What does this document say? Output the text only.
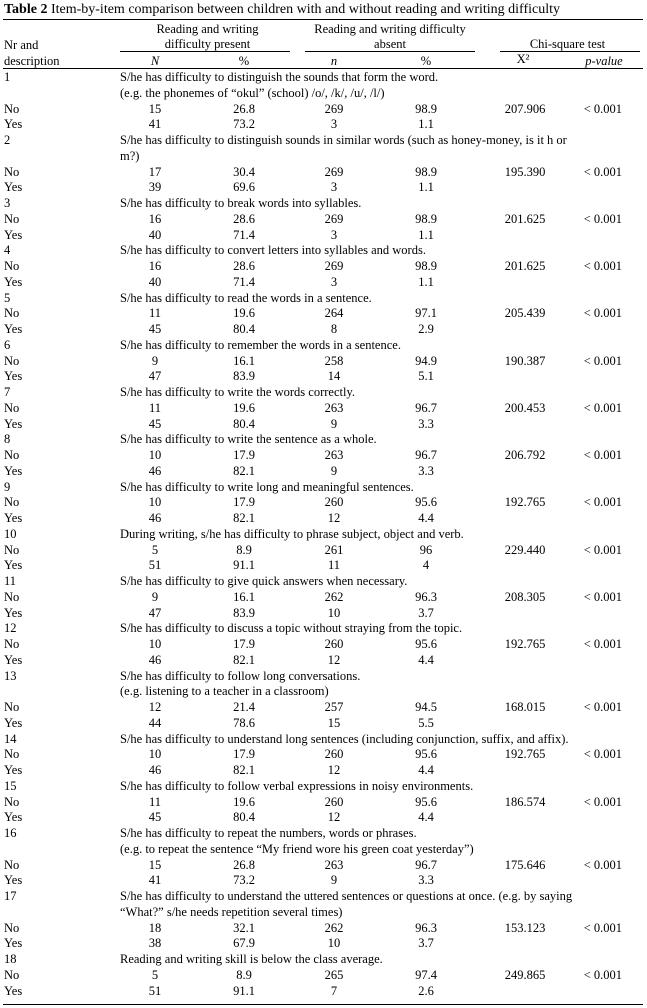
Table 2 Item-by-item comparison between children with and without reading and writing difficulty
Reading and writing
difficulty present
Reading and writing difficulty
absent	Chi-square test
Nr and
description	N	%	n	%	X²	p-value
1	S/he has difficulty to distinguish the sounds that form the word.
(e.g. the phonemes of “okul” (school) /o/, /k/, /u/, /l/)
No	15	26.8	269	98.9	207.906	< 0.001
Yes	41	73.2	3	1.1
2	S/he has difficulty to distinguish sounds in similar words (such as honey-money, is it h or
m?)
No	17	30.4	269	98.9	195.390	< 0.001
Yes	39	69.6	3	1.1
3	S/he has difficulty to break words into syllables.
No	16	28.6	269	98.9	201.625	< 0.001
Yes	40	71.4	3	1.1
4	S/he has difficulty to convert letters into syllables and words.
No	16	28.6	269	98.9	201.625	< 0.001
Yes	40	71.4	3	1.1
5	S/he has difficulty to read the words in a sentence.
No	11	19.6	264	97.1	205.439	< 0.001
Yes	45	80.4	8	2.9
6	S/he has difficulty to remember the words in a sentence.
No	9	16.1	258	94.9	190.387	< 0.001
Yes	47	83.9	14	5.1
7	S/he has difficulty to write the words correctly.
No	11	19.6	263	96.7	200.453	< 0.001
Yes	45	80.4	9	3.3
8	S/he has difficulty to write the sentence as a whole.
No	10	17.9	263	96.7	206.792	< 0.001
Yes	46	82.1	9	3.3
9	S/he has difficulty to write long and meaningful sentences.
No	10	17.9	260	95.6	192.765	< 0.001
Yes	46	82.1	12	4.4
10	During writing, s/he has difficulty to phrase subject, object and verb.
No	5	8.9	261	96	229.440	< 0.001
Yes	51	91.1	11	4
11	S/he has difficulty to give quick answers when necessary.
No	9	16.1	262	96.3	208.305	< 0.001
Yes	47	83.9	10	3.7
12	S/he has difficulty to discuss a topic without straying from the topic.
No	10	17.9	260	95.6	192.765	< 0.001
Yes	46	82.1	12	4.4
13	S/he has difficulty to follow long conversations.
(e.g. listening to a teacher in a classroom)
No	12	21.4	257	94.5	168.015	< 0.001
Yes	44	78.6	15	5.5
14	S/he has difficulty to understand long sentences (including conjunction, suffix, and affix).
No	10	17.9	260	95.6	192.765	< 0.001
Yes	46	82.1	12	4.4
15	S/he has difficulty to follow verbal expressions in noisy environments.
No	11	19.6	260	95.6	186.574	< 0.001
Yes	45	80.4	12	4.4
16	S/he has difficulty to repeat the numbers, words or phrases.
(e.g. to repeat the sentence “My friend wore his green coat yesterday”)
No	15	26.8	263	96.7	175.646	< 0.001
Yes	41	73.2	9	3.3
17	S/he has difficulty to understand the uttered sentences or questions at once. (e.g. by saying
“What?” s/he needs repetition several times)
No	18	32.1	262	96.3	153.123	< 0.001
Yes	38	67.9	10	3.7
18	Reading and writing skill is below the class average.
No	5	8.9	265	97.4	249.865	< 0.001
Yes	51	91.1	7	2.6
